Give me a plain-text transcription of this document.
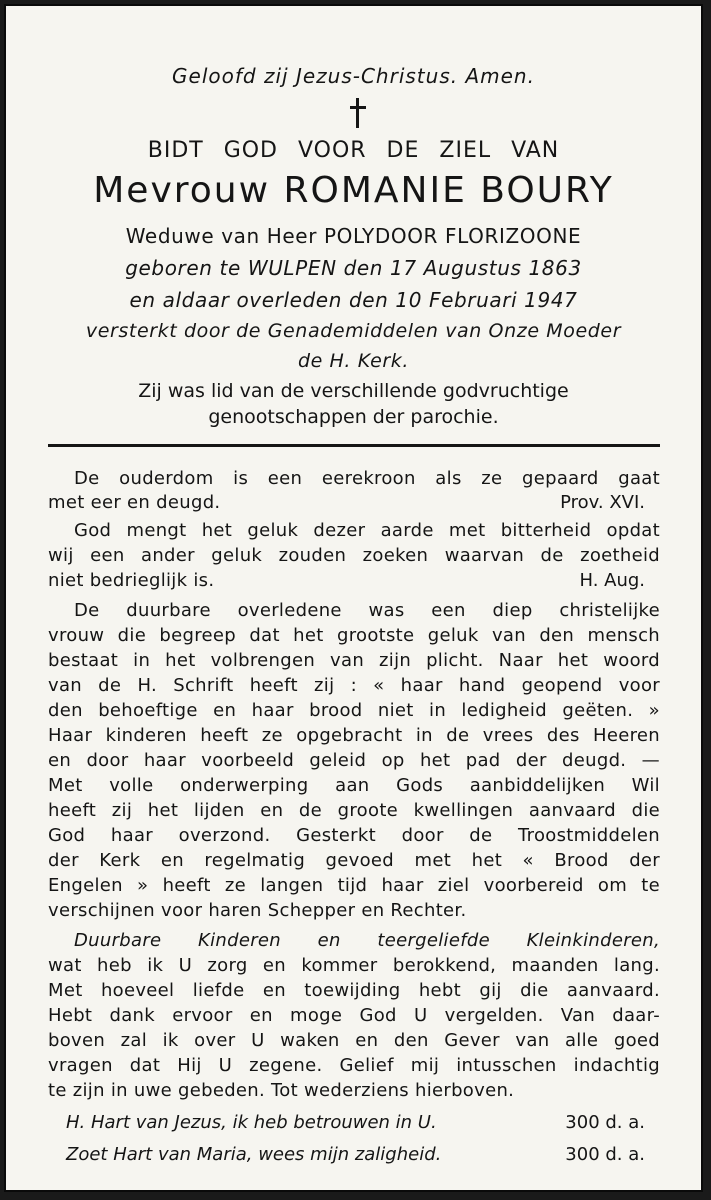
Geloofd zij Jezus-Christus. Amen.
BIDT GOD VOOR DE ZIEL VAN
Mevrouw ROMANIE BOURY
Weduwe van Heer POLYDOOR FLORIZOONE
geboren te WULPEN den 17 Augustus 1863
en aldaar overleden den 10 Februari 1947
versterkt door de Genademiddelen van Onze Moeder
de H. Kerk.
Zij was lid van de verschillende godvruchtige
genootschappen der parochie.
De ouderdom is een eerekroon als ze gepaard gaat
met eer en deugd.	Prov. XVI.
God mengt het geluk dezer aarde met bitterheid opdat
wij een ander geluk zouden zoeken waarvan de zoetheid
niet bedrieglijk is.	H. Aug.
De duurbare overledene was een diep christelijke
vrouw die begreep dat het grootste geluk van den mensch
bestaat in het volbrengen van zijn plicht. Naar het woord
van de H. Schrift heeft zij : « haar hand geopend voor
den behoeftige en haar brood niet in ledigheid geëten. »
Haar kinderen heeft ze opgebracht in de vrees des Heeren
en door haar voorbeeld geleid op het pad der deugd. —
Met volle onderwerping aan Gods aanbiddelijken Wil
heeft zij het lijden en de groote kwellingen aanvaard die
God haar overzond. Gesterkt door de Troostmiddelen
der Kerk en regelmatig gevoed met het « Brood der
Engelen » heeft ze langen tijd haar ziel voorbereid om te
verschijnen voor haren Schepper en Rechter.
Duurbare Kinderen en teergeliefde Kleinkinderen,
wat heb ik U zorg en kommer berokkend, maanden lang.
Met hoeveel liefde en toewijding hebt gij die aanvaard.
Hebt dank ervoor en moge God U vergelden. Van daar-
boven zal ik over U waken en den Gever van alle goed
vragen dat Hij U zegene. Gelief mij intusschen indachtig
te zijn in uwe gebeden. Tot wederziens hierboven.
H. Hart van Jezus, ik heb betrouwen in U.	300 d. a.
Zoet Hart van Maria, wees mijn zaligheid.	300 d. a.
